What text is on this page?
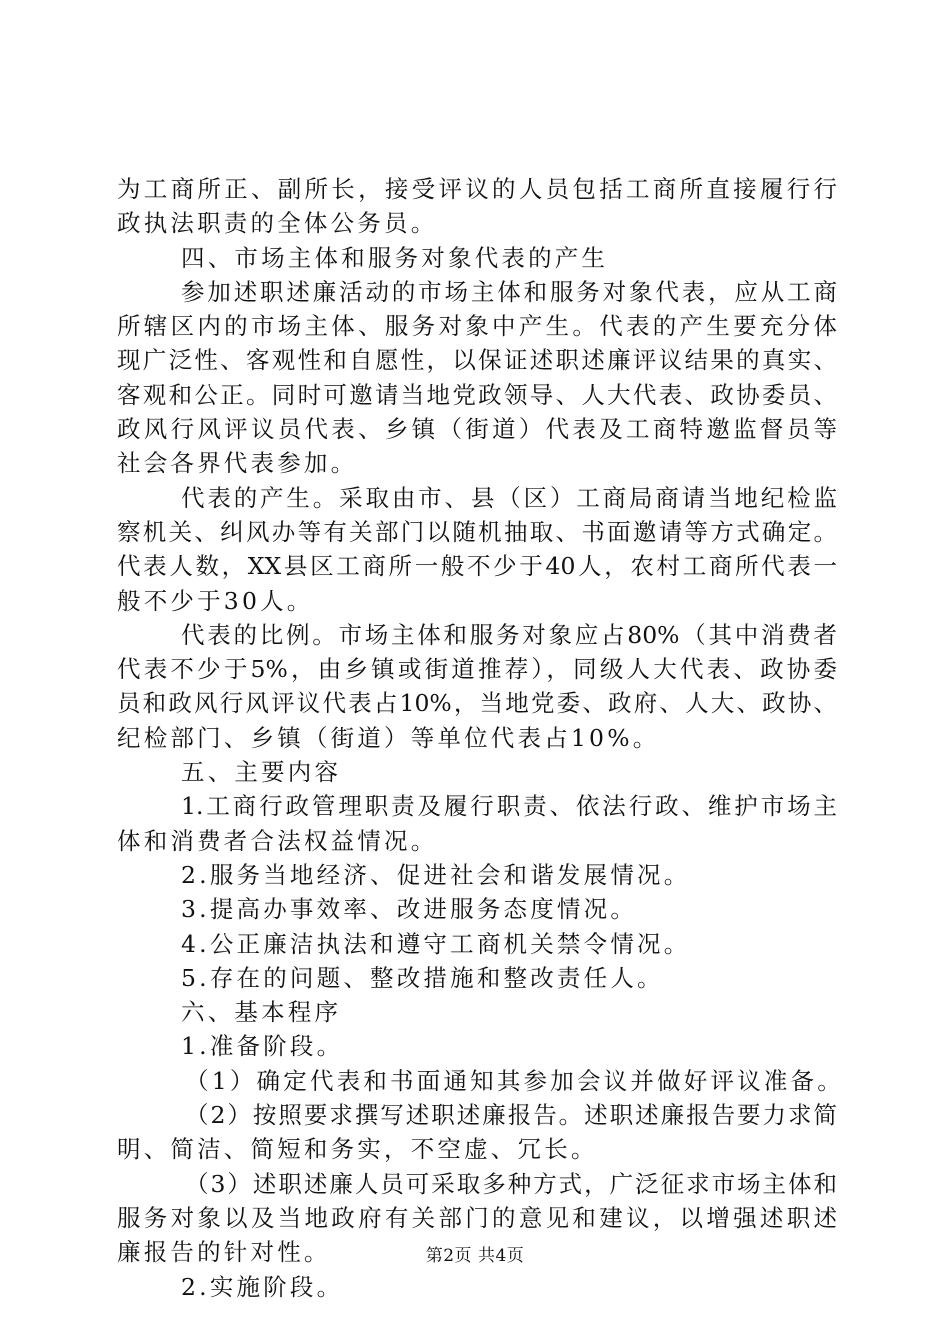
为工商所正、副所长，接受评议的人员包括工商所直接履行行
政执法职责的全体公务员。
四、市场主体和服务对象代表的产生
参加述职述廉活动的市场主体和服务对象代表，应从工商
所辖区内的市场主体、服务对象中产生。代表的产生要充分体
现广泛性、客观性和自愿性，以保证述职述廉评议结果的真实、
客观和公正。同时可邀请当地党政领导、人大代表、政协委员、
政风行风评议员代表、乡镇（街道）代表及工商特邀监督员等
社会各界代表参加。
代表的产生。采取由市、县（区）工商局商请当地纪检监
察机关、纠风办等有关部门以随机抽取、书面邀请等方式确定。
代表人数，XX县区工商所一般不少于40人，农村工商所代表一
般不少于30人。
代表的比例。市场主体和服务对象应占80%（其中消费者
代表不少于5%，由乡镇或街道推荐），同级人大代表、政协委
员和政风行风评议代表占10%，当地党委、政府、人大、政协、
纪检部门、乡镇（街道）等单位代表占10%。
五、主要内容
1.工商行政管理职责及履行职责、依法行政、维护市场主
体和消费者合法权益情况。
2.服务当地经济、促进社会和谐发展情况。
3.提高办事效率、改进服务态度情况。
4.公正廉洁执法和遵守工商机关禁令情况。
5.存在的问题、整改措施和整改责任人。
六、基本程序
1.准备阶段。
（1）确定代表和书面通知其参加会议并做好评议准备。
（2）按照要求撰写述职述廉报告。述职述廉报告要力求简
明、简洁、简短和务实，不空虚、冗长。
（3）述职述廉人员可采取多种方式，广泛征求市场主体和
服务对象以及当地政府有关部门的意见和建议，以增强述职述
廉报告的针对性。
2.实施阶段。
第2页 共4页
